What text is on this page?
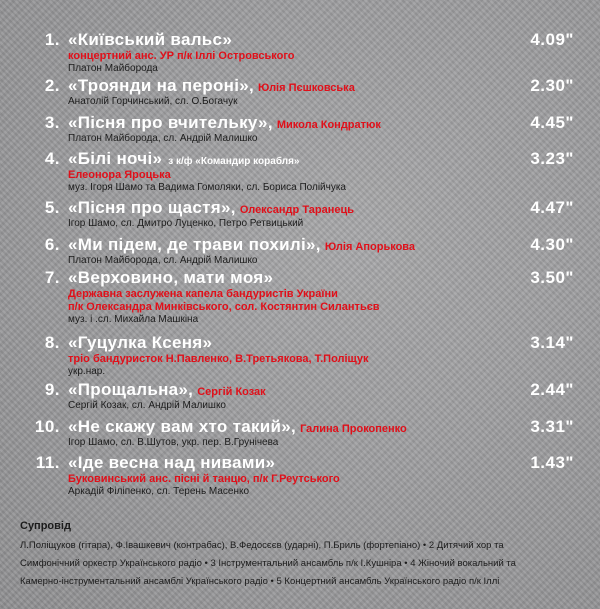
1. «Київський вальс»	4.09"
концертний анс. УР п/к Іллі Островського
Платон Майборода
2. «Троянди на пероні», Юлія Пєшковська	2.30"
Анатолій Горчинський, сл. О.Богачук
3. «Пісня про вчительку», Микола Кондратюк	4.45"
Платон Майборода, сл. Андрій Малишко
4. «Білі ночі» з к/ф «Командир корабля»	3.23"
Елеонора Яроцька
муз. Ігоря Шамо та Вадима Гомоляки, сл. Бориса Полійчука
5. «Пісня про щастя», Олександр Таранець	4.47"
Ігор Шамо, сл. Дмитро Луценко, Петро Ретвицький
6. «Ми підем, де трави похилі», Юлія Апорькова	4.30"
Платон Майборода, сл. Андрій Малишко
7. «Верховино, мати моя»	3.50"
Державна заслужена капела бандуристів України
п/к Олександра Минківського, сол. Костянтин Силантьєв
муз. і .сл. Михайла Машкіна
8. «Гуцулка Ксеня»	3.14"
тріо бандуристок Н.Павленко, В.Третьякова, Т.Поліщук
укр.нар.
9. «Прощальна», Сергій Козак	2.44"
Сергій Козак, сл. Андрій Малишко
10. «Не скажу вам хто такий», Галина Прокопенко	3.31"
Ігор Шамо, сл. В.Шутов, укр. пер. В.Грунічева
11. «Іде весна над нивами»	1.43"
Буковинський анс. пісні й танцю, п/к Г.Реутського
Аркадій Філіпенко, сл. Терень Масенко
Супровід
Л.Поліщуков (гітара), Ф.Івашкевич (контрабас), В.Федосєєв (ударні), П.Бриль (фортепіано) • 2 Дитячий хор та
Симфонічний оркестр Українського радіо • 3 Інструментальний ансамбль п/к І.Кушніра • 4 Жіночий вокальний та
Камерно-інструментальний ансамблі Українського радіо • 5 Концертний ансамбль Українського радіо п/к Іллі
